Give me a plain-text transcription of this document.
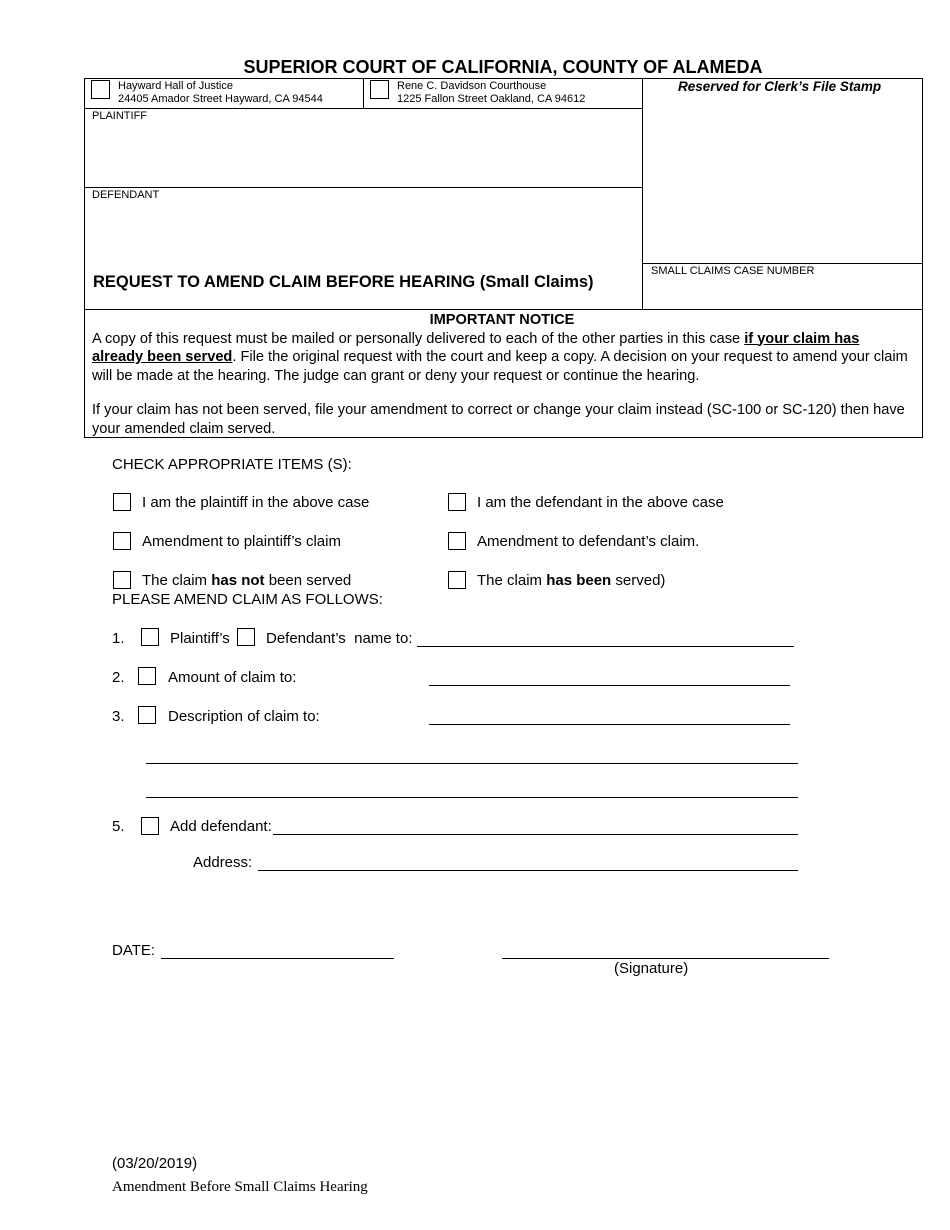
SUPERIOR COURT OF CALIFORNIA, COUNTY OF ALAMEDA
Hayward Hall of Justice
24405 Amador Street Hayward, CA 94544
Rene C. Davidson Courthouse
1225 Fallon Street Oakland, CA 94612
Reserved for Clerk’s File Stamp
PLAINTIFF
DEFENDANT
REQUEST TO AMEND CLAIM BEFORE HEARING (Small Claims)
SMALL CLAIMS CASE NUMBER

IMPORTANT NOTICE

A copy of this request must be mailed or personally delivered to each of the other parties in this case if your claim has already been served. File the original request with the court and keep a copy. A decision on your request to amend your claim will be made at the hearing. The judge can grant or deny your request or continue the hearing.

If your claim has not been served, file your amendment to correct or change your claim instead (SC-100 or SC-120) then have your amended claim served.

CHECK APPROPRIATE ITEMS (S):
I am the plaintiff in the above case	I am the defendant in the above case
Amendment to plaintiff’s claim	Amendment to defendant’s claim.
The claim has not been served	The claim has been served)
PLEASE AMEND CLAIM AS FOLLOWS:
1.	Plaintiff’s Defendant’s  name to:
2.	Amount of claim to:
3.	Description of claim to:
5.	Add defendant:
Address:
DATE:
(Signature)
(03/20/2019)
Amendment Before Small Claims Hearing
